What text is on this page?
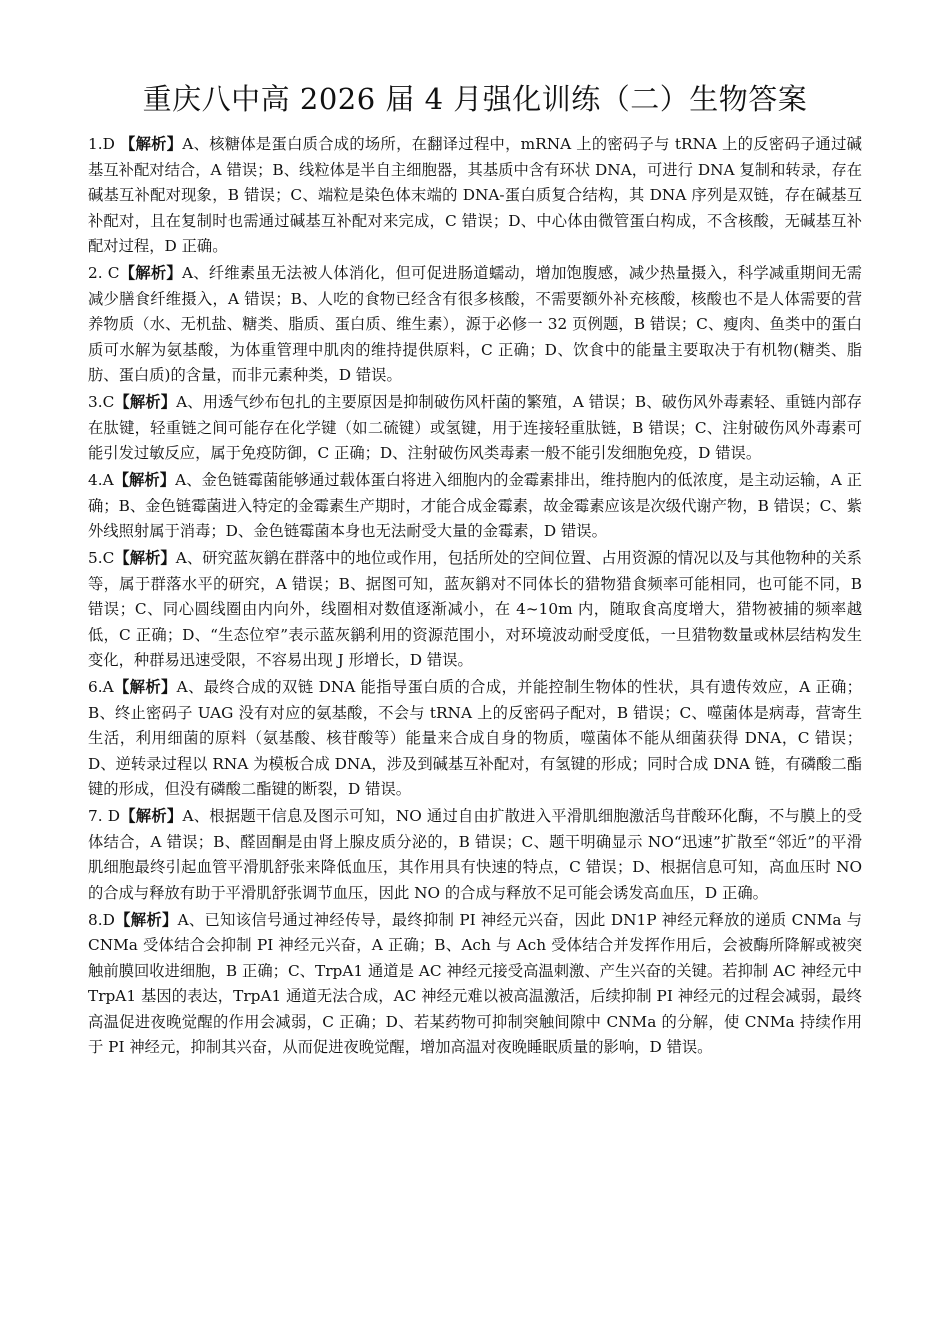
重庆八中高 2026 届 4 月强化训练（二）生物答案

1.D 【解析】A、核糖体是蛋白质合成的场所，在翻译过程中，mRNA 上的密码子与 tRNA 上的反密码子通过碱基互补配对结合，A 错误；B、线粒体是半自主细胞器，其基质中含有环状 DNA，可进行 DNA 复制和转录，存在碱基互补配对现象，B 错误；C、端粒是染色体末端的 DNA-蛋白质复合结构，其 DNA 序列是双链，存在碱基互补配对，且在复制时也需通过碱基互补配对来完成，C 错误；D、中心体由微管蛋白构成，不含核酸，无碱基互补配对过程，D 正确。

2. C【解析】A、纤维素虽无法被人体消化，但可促进肠道蠕动，增加饱腹感，减少热量摄入，科学减重期间无需减少膳食纤维摄入，A 错误；B、人吃的食物已经含有很多核酸，不需要额外补充核酸，核酸也不是人体需要的营养物质（水、无机盐、糖类、脂质、蛋白质、维生素），源于必修一 32 页例题，B 错误；C、瘦肉、鱼类中的蛋白质可水解为氨基酸，为体重管理中肌肉的维持提供原料，C 正确；D、饮食中的能量主要取决于有机物(糖类、脂肪、蛋白质)的含量，而非元素种类，D 错误。

3.C【解析】A、用透气纱布包扎的主要原因是抑制破伤风杆菌的繁殖，A 错误；B、破伤风外毒素轻、重链内部存在肽键，轻重链之间可能存在化学键（如二硫键）或氢键，用于连接轻重肽链，B 错误；C、注射破伤风外毒素可能引发过敏反应，属于免疫防御，C 正确；D、注射破伤风类毒素一般不能引发细胞免疫，D 错误。

4.A【解析】A、金色链霉菌能够通过载体蛋白将进入细胞内的金霉素排出，维持胞内的低浓度，是主动运输，A 正确；B、金色链霉菌进入特定的金霉素生产期时，才能合成金霉素，故金霉素应该是次级代谢产物，B 错误；C、紫外线照射属于消毒；D、金色链霉菌本身也无法耐受大量的金霉素，D 错误。

5.C【解析】A、研究蓝灰鹟在群落中的地位或作用，包括所处的空间位置、占用资源的情况以及与其他物种的关系等，属于群落水平的研究，A 错误；B、据图可知，蓝灰鹟对不同体长的猎物猎食频率可能相同，也可能不同，B 错误；C、同心圆线圈由内向外，线圈相对数值逐渐减小，在 4~10m 内，随取食高度增大，猎物被捕的频率越低，C 正确；D、“生态位窄”表示蓝灰鹟利用的资源范围小，对环境波动耐受度低，一旦猎物数量或林层结构发生变化，种群易迅速受限，不容易出现 J 形增长，D 错误。

6.A【解析】A、最终合成的双链 DNA 能指导蛋白质的合成，并能控制生物体的性状，具有遗传效应，A 正确；B、终止密码子 UAG 没有对应的氨基酸，不会与 tRNA 上的反密码子配对，B 错误；C、噬菌体是病毒，营寄生生活，利用细菌的原料（氨基酸、核苷酸等）能量来合成自身的物质，噬菌体不能从细菌获得 DNA，C 错误；D、逆转录过程以 RNA 为模板合成 DNA，涉及到碱基互补配对，有氢键的形成；同时合成 DNA 链，有磷酸二酯键的形成，但没有磷酸二酯键的断裂，D 错误。

7. D【解析】A、根据题干信息及图示可知，NO 通过自由扩散进入平滑肌细胞激活鸟苷酸环化酶，不与膜上的受体结合，A 错误；B、醛固酮是由肾上腺皮质分泌的，B 错误；C、题干明确显示 NO“迅速”扩散至“邻近”的平滑肌细胞最终引起血管平滑肌舒张来降低血压，其作用具有快速的特点，C 错误；D、根据信息可知，高血压时 NO 的合成与释放有助于平滑肌舒张调节血压，因此 NO 的合成与释放不足可能会诱发高血压，D 正确。

8.D【解析】A、已知该信号通过神经传导，最终抑制 PI 神经元兴奋，因此 DN1P 神经元释放的递质 CNMa 与 CNMa 受体结合会抑制 PI 神经元兴奋，A 正确；B、Ach 与 Ach 受体结合并发挥作用后，会被酶所降解或被突触前膜回收进细胞，B 正确；C、TrpA1 通道是 AC 神经元接受高温刺激、产生兴奋的关键。若抑制 AC 神经元中 TrpA1 基因的表达，TrpA1 通道无法合成，AC 神经元难以被高温激活，后续抑制 PI 神经元的过程会减弱，最终高温促进夜晚觉醒的作用会减弱，C 正确；D、若某药物可抑制突触间隙中 CNMa 的分解，使 CNMa 持续作用于 PI 神经元，抑制其兴奋，从而促进夜晚觉醒，增加高温对夜晚睡眠质量的影响，D 错误。
